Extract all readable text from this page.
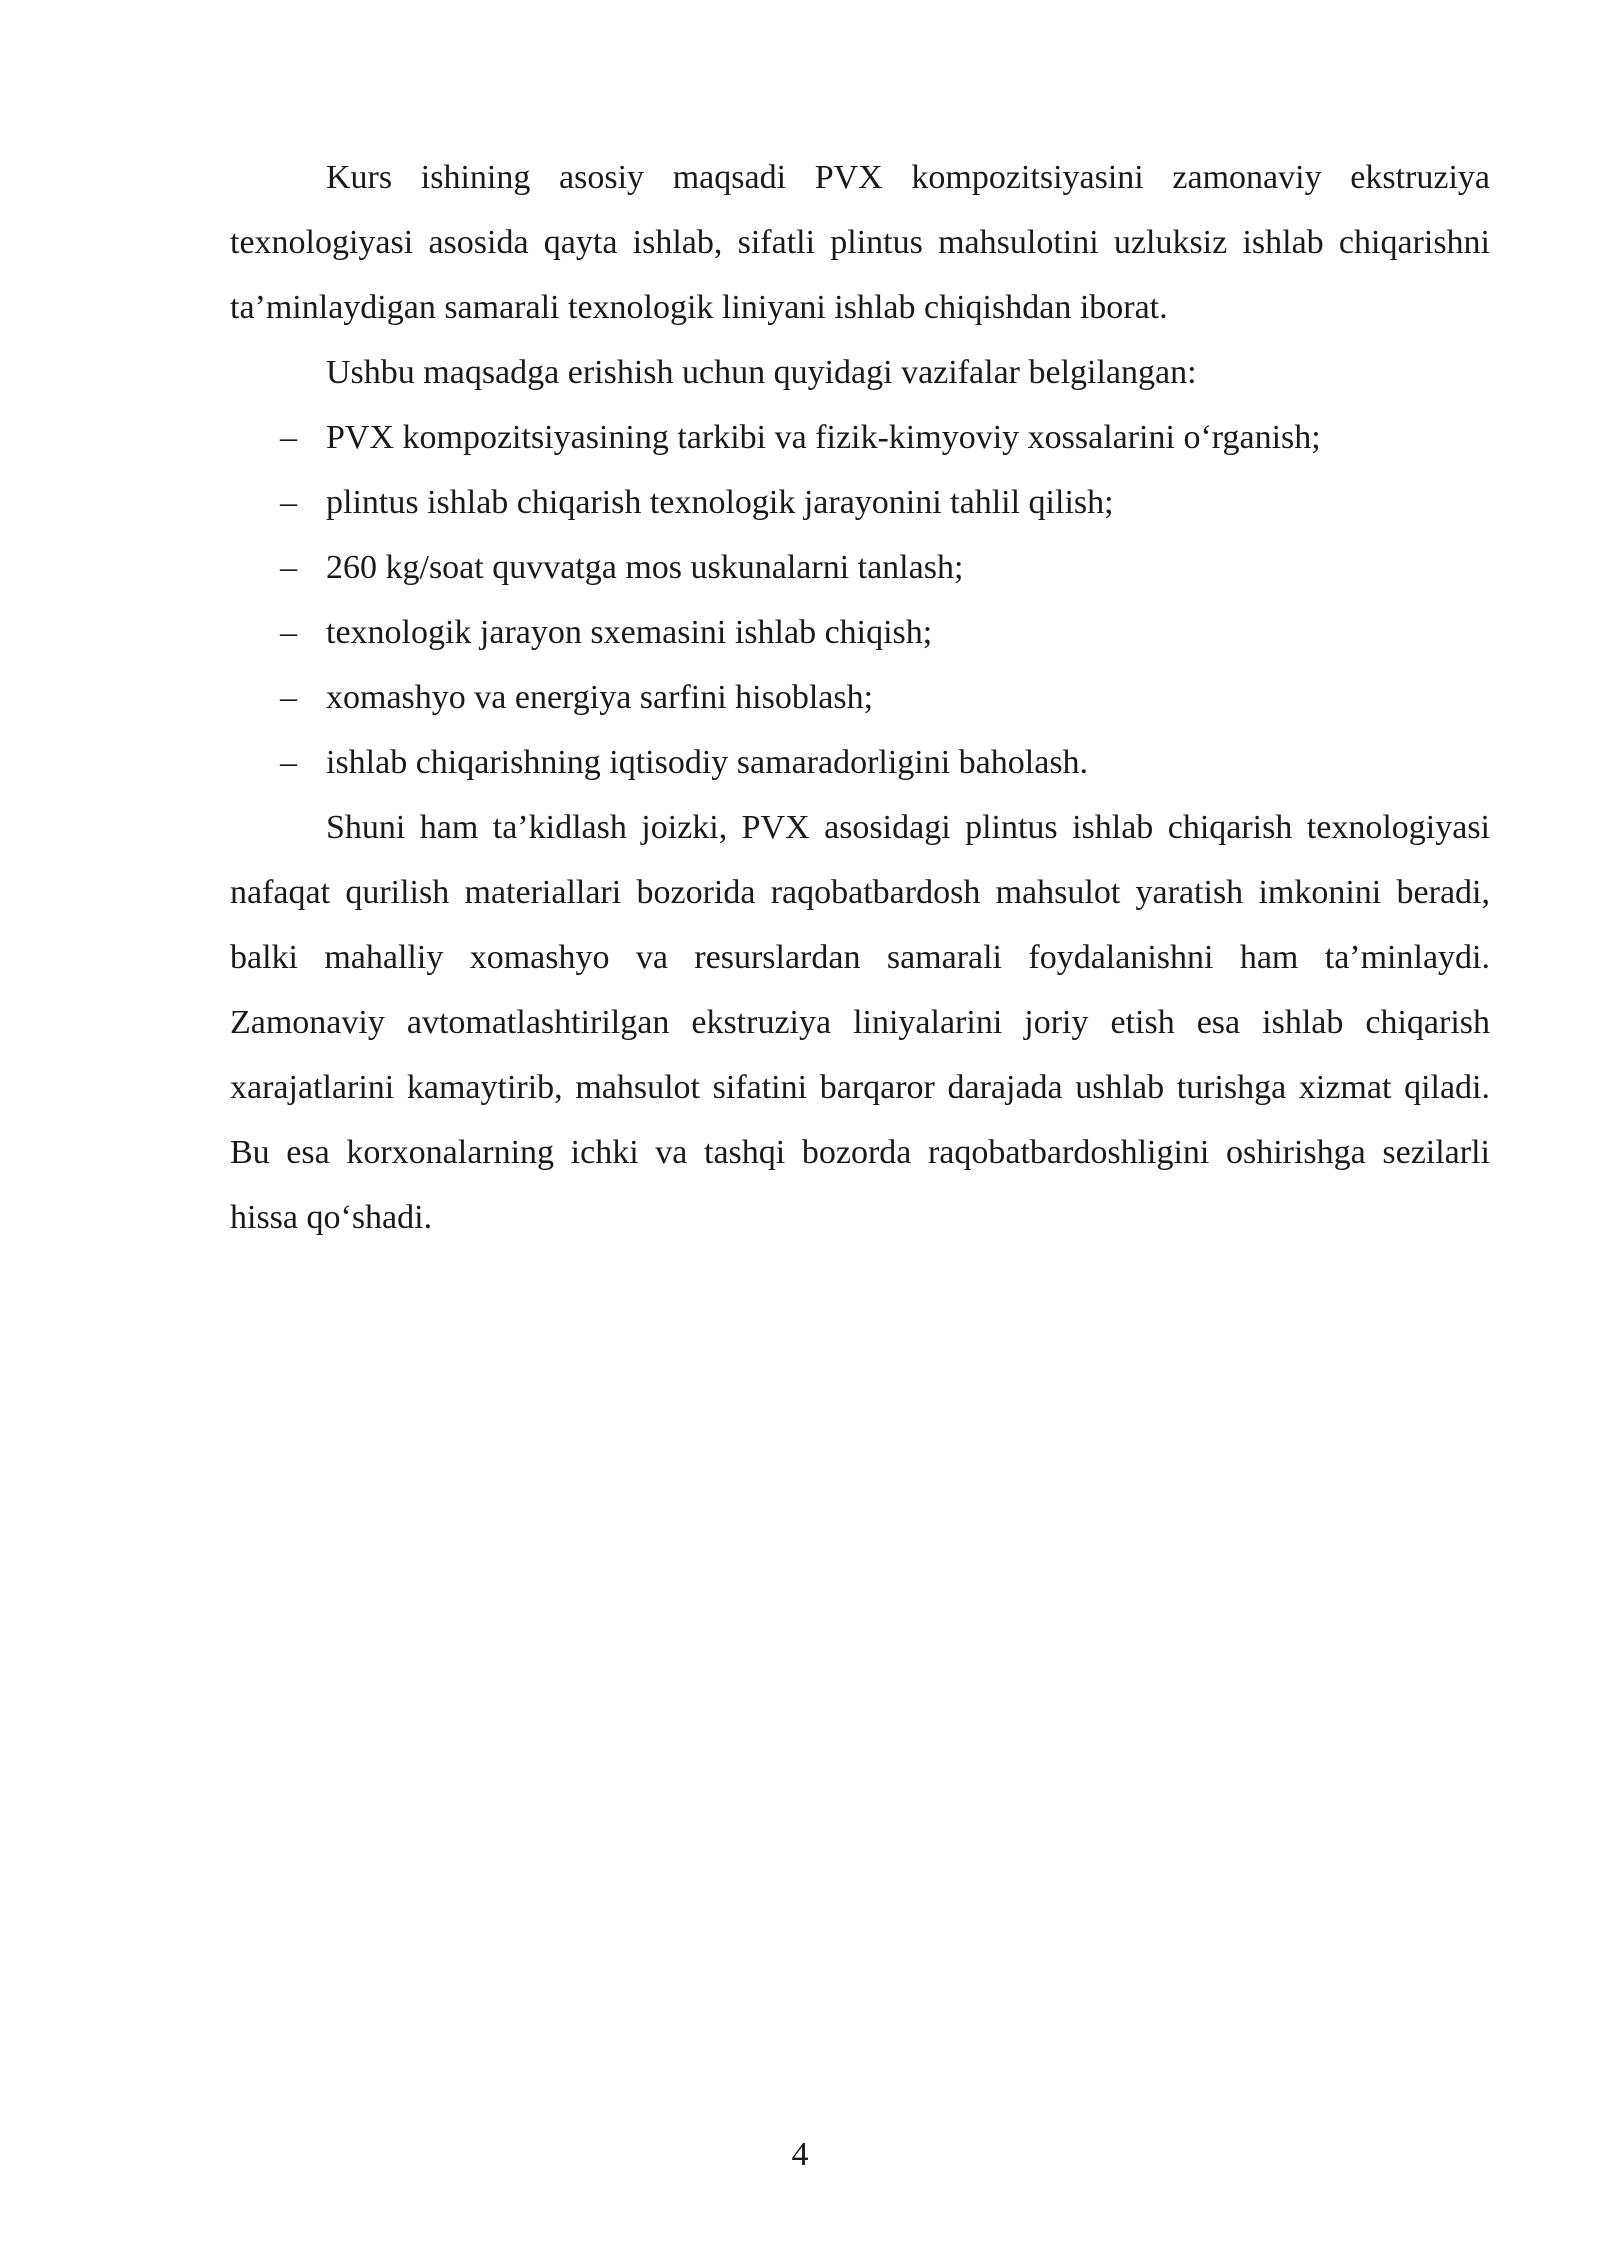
Kurs ishining asosiy maqsadi PVX kompozitsiyasini zamonaviy ekstruziya texnologiyasi asosida qayta ishlab, sifatli plintus mahsulotini uzluksiz ishlab chiqarishni ta’minlaydigan samarali texnologik liniyani ishlab chiqishdan iborat.

Ushbu maqsadga erishish uchun quyidagi vazifalar belgilangan:

– PVX kompozitsiyasining tarkibi va fizik-kimyoviy xossalarini o‘rganish;
– plintus ishlab chiqarish texnologik jarayonini tahlil qilish;
– 260 kg/soat quvvatga mos uskunalarni tanlash;
– texnologik jarayon sxemasini ishlab chiqish;
– xomashyo va energiya sarfini hisoblash;
– ishlab chiqarishning iqtisodiy samaradorligini baholash.

Shuni ham ta’kidlash joizki, PVX asosidagi plintus ishlab chiqarish texnologiyasi nafaqat qurilish materiallari bozorida raqobatbardosh mahsulot yaratish imkonini beradi, balki mahalliy xomashyo va resurslardan samarali foydalanishni ham ta’minlaydi. Zamonaviy avtomatlashtirilgan ekstruziya liniyalarini joriy etish esa ishlab chiqarish xarajatlarini kamaytirib, mahsulot sifatini barqaror darajada ushlab turishga xizmat qiladi. Bu esa korxonalarning ichki va tashqi bozorda raqobatbardoshligini oshirishga sezilarli hissa qo‘shadi.

4
